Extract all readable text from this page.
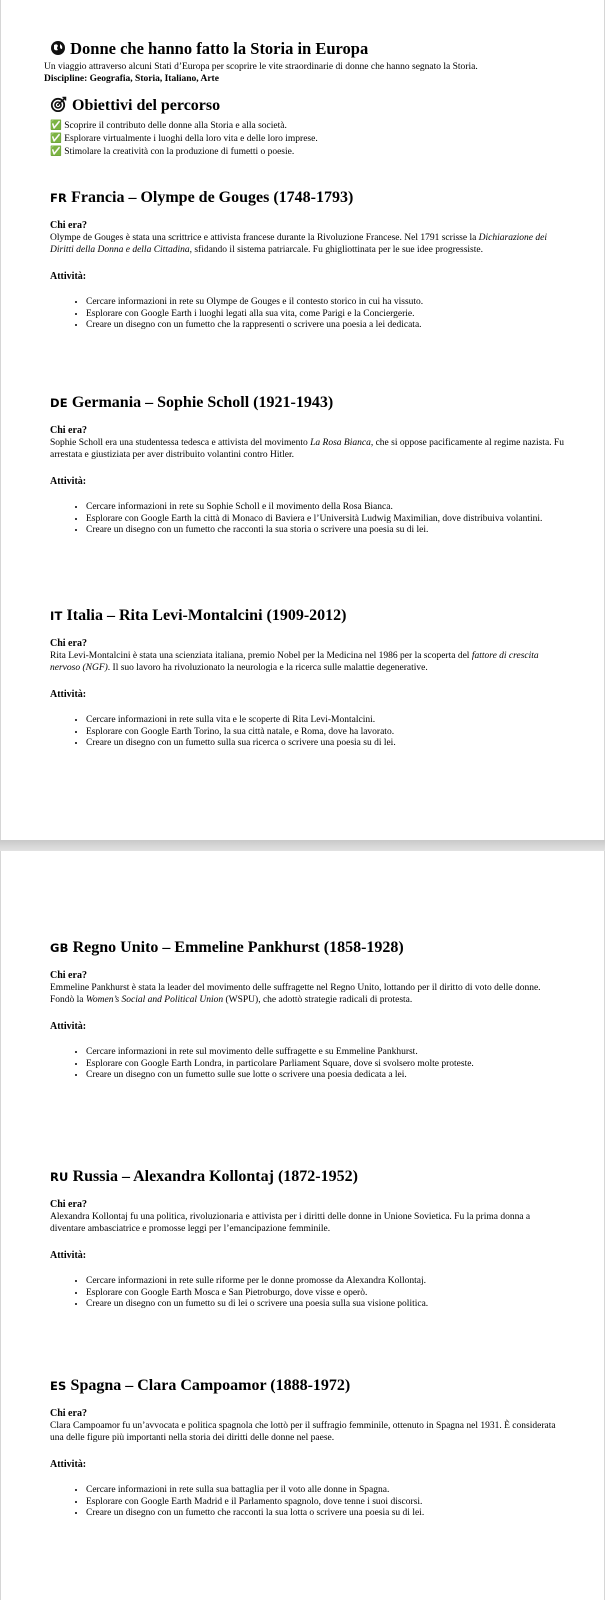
Donne che hanno fatto la Storia in Europa

Un viaggio attraverso alcuni Stati d’Europa per scoprire le vite straordinarie di donne che hanno segnato la Storia.

Discipline: Geografia, Storia, Italiano, Arte

Obiettivi del percorso
✅ Scoprire il contributo delle donne alla Storia e alla società.
✅ Esplorare virtualmente i luoghi della loro vita e delle loro imprese.
✅ Stimolare la creatività con la produzione di fumetti o poesie.
FR Francia – Olympe de Gouges (1748-1793)

Chi era?

Olympe de Gouges è stata una scrittrice e attivista francese durante la Rivoluzione Francese. Nel 1791 scrisse la Dichiarazione dei Diritti della Donna e della Cittadina, sfidando il sistema patriarcale. Fu ghigliottinata per le sue idee progressiste.

Attività:

• Cercare informazioni in rete su Olympe de Gouges e il contesto storico in cui ha vissuto.
• Esplorare con Google Earth i luoghi legati alla sua vita, come Parigi e la Conciergerie.
• Creare un disegno con un fumetto che la rappresenti o scrivere una poesia a lei dedicata.
DE Germania – Sophie Scholl (1921-1943)

Chi era?

Sophie Scholl era una studentessa tedesca e attivista del movimento La Rosa Bianca, che si oppose pacificamente al regime nazista. Fu arrestata e giustiziata per aver distribuito volantini contro Hitler.

Attività:

• Cercare informazioni in rete su Sophie Scholl e il movimento della Rosa Bianca.
• Esplorare con Google Earth la città di Monaco di Baviera e l’Università Ludwig Maximilian, dove distribuiva volantini.
• Creare un disegno con un fumetto che racconti la sua storia o scrivere una poesia su di lei.
IT Italia – Rita Levi-Montalcini (1909-2012)

Chi era?

Rita Levi-Montalcini è stata una scienziata italiana, premio Nobel per la Medicina nel 1986 per la scoperta del fattore di crescita nervoso (NGF). Il suo lavoro ha rivoluzionato la neurologia e la ricerca sulle malattie degenerative.

Attività:

• Cercare informazioni in rete sulla vita e le scoperte di Rita Levi-Montalcini.
• Esplorare con Google Earth Torino, la sua città natale, e Roma, dove ha lavorato.
• Creare un disegno con un fumetto sulla sua ricerca o scrivere una poesia su di lei.
GB Regno Unito – Emmeline Pankhurst (1858-1928)

Chi era?

Emmeline Pankhurst è stata la leader del movimento delle suffragette nel Regno Unito, lottando per il diritto di voto delle donne. Fondò la Women’s Social and Political Union (WSPU), che adottò strategie radicali di protesta.

Attività:

• Cercare informazioni in rete sul movimento delle suffragette e su Emmeline Pankhurst.
• Esplorare con Google Earth Londra, in particolare Parliament Square, dove si svolsero molte proteste.
• Creare un disegno con un fumetto sulle sue lotte o scrivere una poesia dedicata a lei.
RU Russia – Alexandra Kollontaj (1872-1952)

Chi era?

Alexandra Kollontaj fu una politica, rivoluzionaria e attivista per i diritti delle donne in Unione Sovietica. Fu la prima donna a diventare ambasciatrice e promosse leggi per l’emancipazione femminile.

Attività:

• Cercare informazioni in rete sulle riforme per le donne promosse da Alexandra Kollontaj.
• Esplorare con Google Earth Mosca e San Pietroburgo, dove visse e operò.
• Creare un disegno con un fumetto su di lei o scrivere una poesia sulla sua visione politica.
ES Spagna – Clara Campoamor (1888-1972)

Chi era?

Clara Campoamor fu un’avvocata e politica spagnola che lottò per il suffragio femminile, ottenuto in Spagna nel 1931. È considerata una delle figure più importanti nella storia dei diritti delle donne nel paese.

Attività:

• Cercare informazioni in rete sulla sua battaglia per il voto alle donne in Spagna.
• Esplorare con Google Earth Madrid e il Parlamento spagnolo, dove tenne i suoi discorsi.
• Creare un disegno con un fumetto che racconti la sua lotta o scrivere una poesia su di lei.
